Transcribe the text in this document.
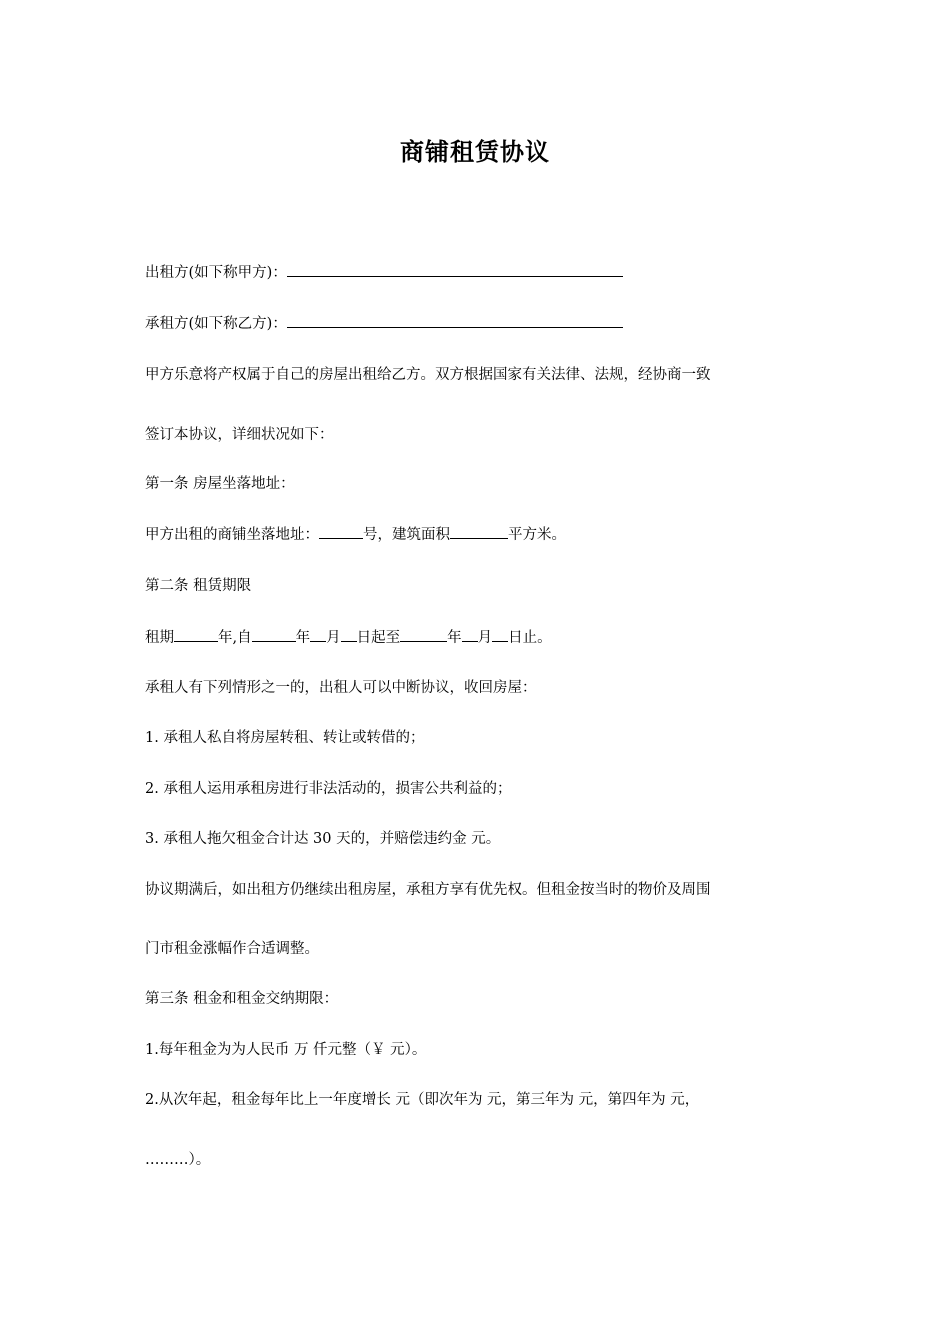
商铺租赁协议
出租方(如下称甲方)：
承租方(如下称乙方)：
甲方乐意将产权属于自己的房屋出租给乙方。双方根据国家有关法律、法规，经协商一致
签订本协议，详细状况如下：
第一条 房屋坐落地址：
甲方出租的商铺坐落地址：	号，建筑面积	平方米。
第二条 租赁期限
租期	年,自	年 月 日起至	年 月 日止。
承租人有下列情形之一的，出租人可以中断协议，收回房屋：
1. 承租人私自将房屋转租、转让或转借的；
2. 承租人运用承租房进行非法活动的，损害公共利益的；
3. 承租人拖欠租金合计达 30 天的，并赔偿违约金 元。
协议期满后，如出租方仍继续出租房屋，承租方享有优先权。但租金按当时的物价及周围
门市租金涨幅作合适调整。
第三条 租金和租金交纳期限：
1.每年租金为为人民币 万 仟元整（￥ 元）。
2.从次年起，租金每年比上一年度增长 元（即次年为 元，第三年为 元，第四年为 元，
………）。
